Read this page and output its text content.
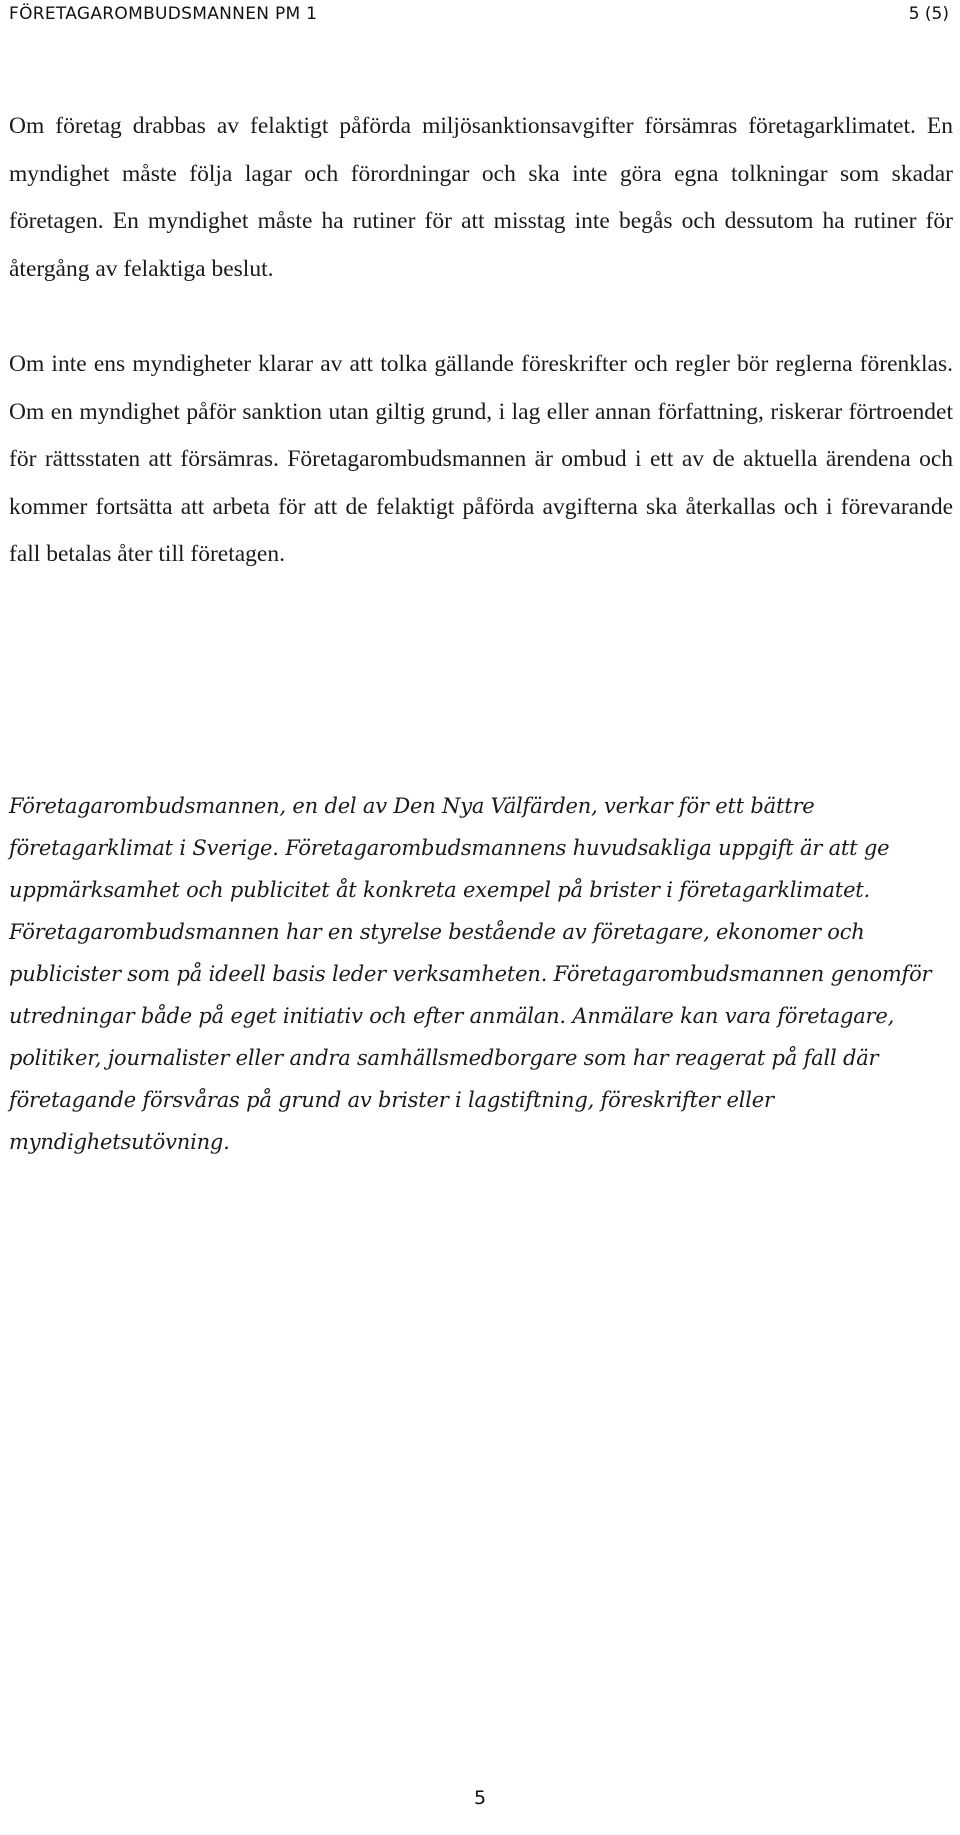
FÖRETAGAROMBUDSMANNEN PM 1	5 (5)

Om företag drabbas av felaktigt påförda miljösanktionsavgifter försämras företagarklimatet. En myndighet måste följa lagar och förordningar och ska inte göra egna tolkningar som skadar företagen. En myndighet måste ha rutiner för att misstag inte begås och dessutom ha rutiner för återgång av felaktiga beslut.

Om inte ens myndigheter klarar av att tolka gällande föreskrifter och regler bör reglerna förenklas. Om en myndighet påför sanktion utan giltig grund, i lag eller annan författning, riskerar förtroendet för rättsstaten att försämras. Företagarombudsmannen är ombud i ett av de aktuella ärendena och kommer fortsätta att arbeta för att de felaktigt påförda avgifterna ska återkallas och i förevarande fall betalas åter till företagen.

Företagarombudsmannen, en del av Den Nya Välfärden, verkar för ett bättre företagarklimat i Sverige. Företagarombudsmannens huvudsakliga uppgift är att ge uppmärksamhet och publicitet åt konkreta exempel på brister i företagarklimatet. Företagarombudsmannen har en styrelse bestående av företagare, ekonomer och publicister som på ideell basis leder verksamheten. Företagarombudsmannen genomför utredningar både på eget initiativ och efter anmälan. Anmälare kan vara företagare, politiker, journalister eller andra samhällsmedborgare som har reagerat på fall där företagande försvåras på grund av brister i lagstiftning, föreskrifter eller myndighetsutövning.

5
